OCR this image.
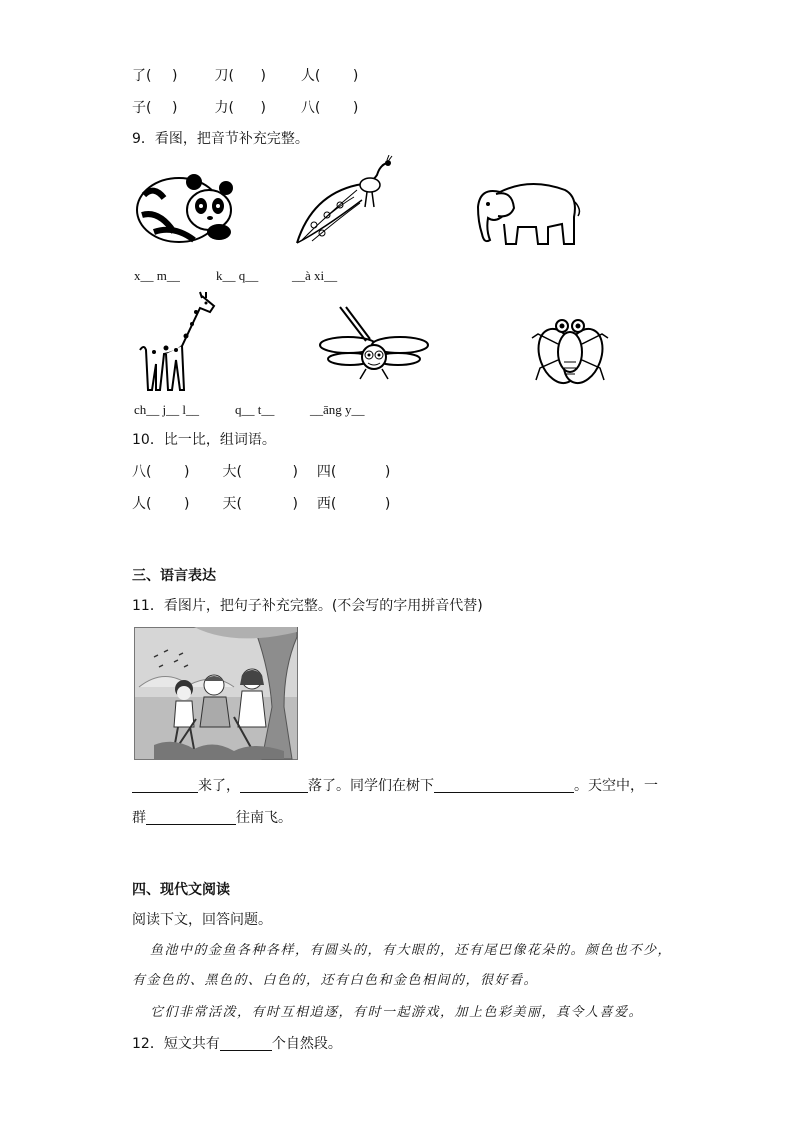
了( )	刀( ) 人( )
子( )	力( ) 八( )
9．看图，把音节补充完整。
x__ m__	k__ q__	__à xi__
ch__ j__ l__	q__ t__	__āng y__
10．比一比，组词语。
八( ) 大(	) 四(	)
人( ) 天(	) 西(	)
三、语言表达
11．看图片，把句子补充完整。(不会写的字用拼音代替)
来了，	落了。同学们在树下	。天空中，一
群	往南飞。
四、现代文阅读
阅读下文，回答问题。
鱼池中的金鱼各种各样，有圆头的，有大眼的，还有尾巴像花朵的。颜色也不少，
有金色的、黑色的、白色的，还有白色和金色相间的，很好看。
它们非常活泼，有时互相追逐，有时一起游戏，加上色彩美丽，真令人喜爱。
12．短文共有	个自然段。
